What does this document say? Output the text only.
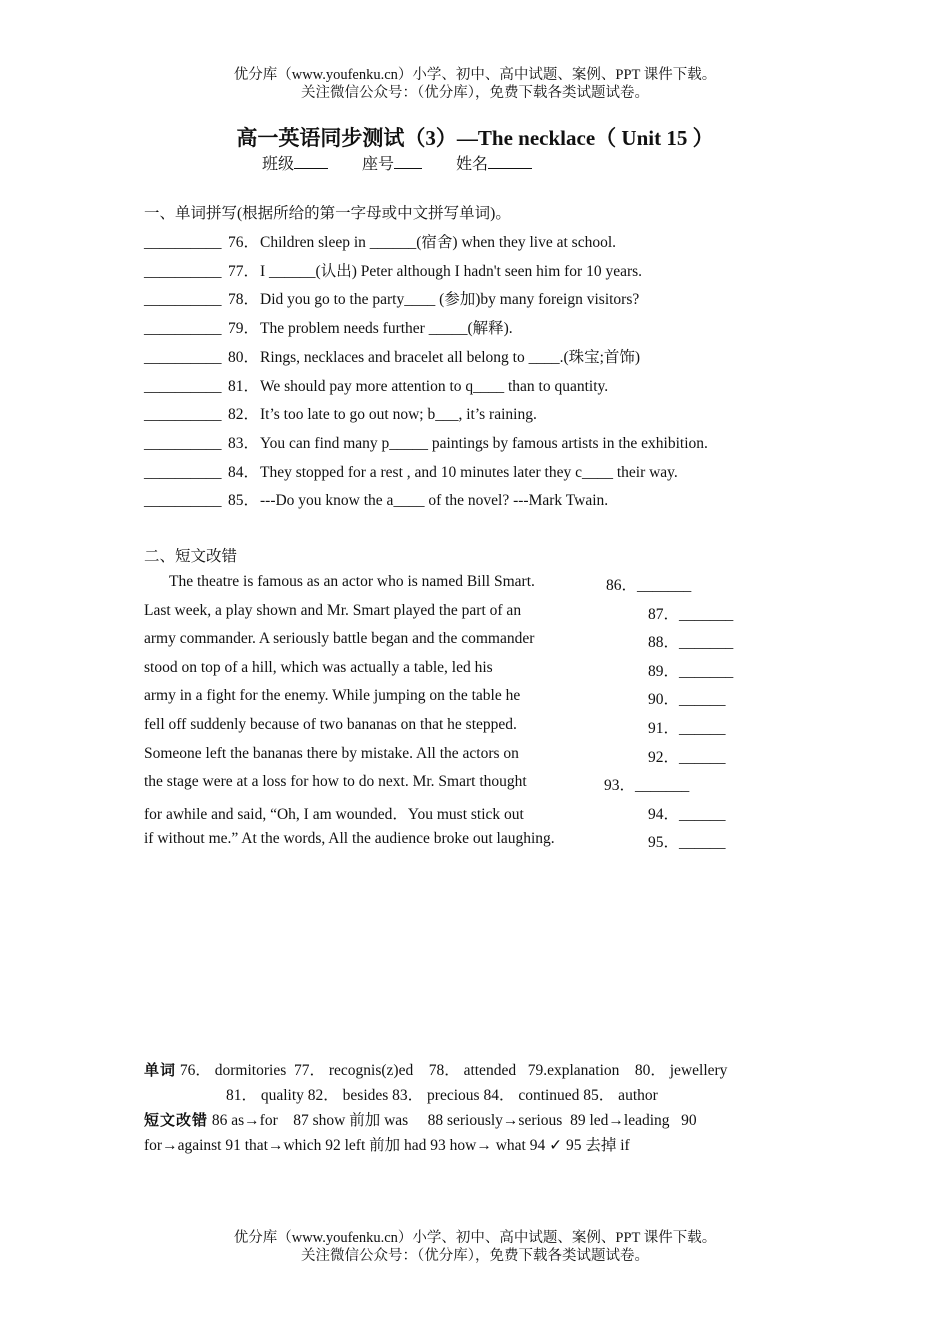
优分库（www.youfenku.cn）小学、初中、高中试题、案例、PPT 课件下载。
关注微信公众号：（优分库），免费下载各类试题试卷。
高一英语同步测试（3）—The necklace（ Unit 15 ）
班级	座号	姓名
一、单词拼写(根据所给的第一字母或中文拼写单词)。
__________ 76．Children sleep in ______(宿舍) when they live at school.
__________ 77．I ______(认出) Peter although I hadn't seen him for 10 years.
__________ 78．Did you go to the party____ (参加)by many foreign visitors?
__________ 79．The problem needs further _____(解释).
__________ 80．Rings, necklaces and bracelet all belong to ____.(珠宝;首饰)
__________ 81．We should pay more attention to q____ than to quantity.
__________ 82．It’s too late to go out now; b___, it’s raining.
__________ 83．You can find many p_____ paintings by famous artists in the exhibition.
__________ 84．They stopped for a rest , and 10 minutes later they c____ their way.
__________ 85．---Do you know the a____ of the novel? ---Mark Twain.
二、短文改错
The theatre is famous as an actor who is named Bill Smart.	86．_______
Last week, a play shown and Mr. Smart played the part of an	87．_______
army commander. A seriously battle began and the commander	88．_______
stood on top of a hill, which was actually a table, led his	89．_______
army in a fight for the enemy. While jumping on the table he	90．______
fell off suddenly because of two bananas on that he stepped.	91．______
Someone left the bananas there by mistake. All the actors on	92．______
the stage were at a loss for how to do next. Mr. Smart thought	93．_______
for awhile and said, “Oh, I am wounded．You must stick out	94．______
if without me.” At the words, All the audience broke out laughing.	95．______
单词 76． dormitories  77． recognis(z)ed    78． attended   79.explanation    80． jewellery
81． quality 82． besides 83． precious 84． continued 85． author
短文改错 86 as→for    87 show 前加 was     88 seriously→serious  89 led→leading   90
for→against 91 that→which 92 left 前加 had 93 how→ what 94 ✓ 95 去掉 if
优分库（www.youfenku.cn）小学、初中、高中试题、案例、PPT 课件下载。
关注微信公众号：（优分库），免费下载各类试题试卷。
